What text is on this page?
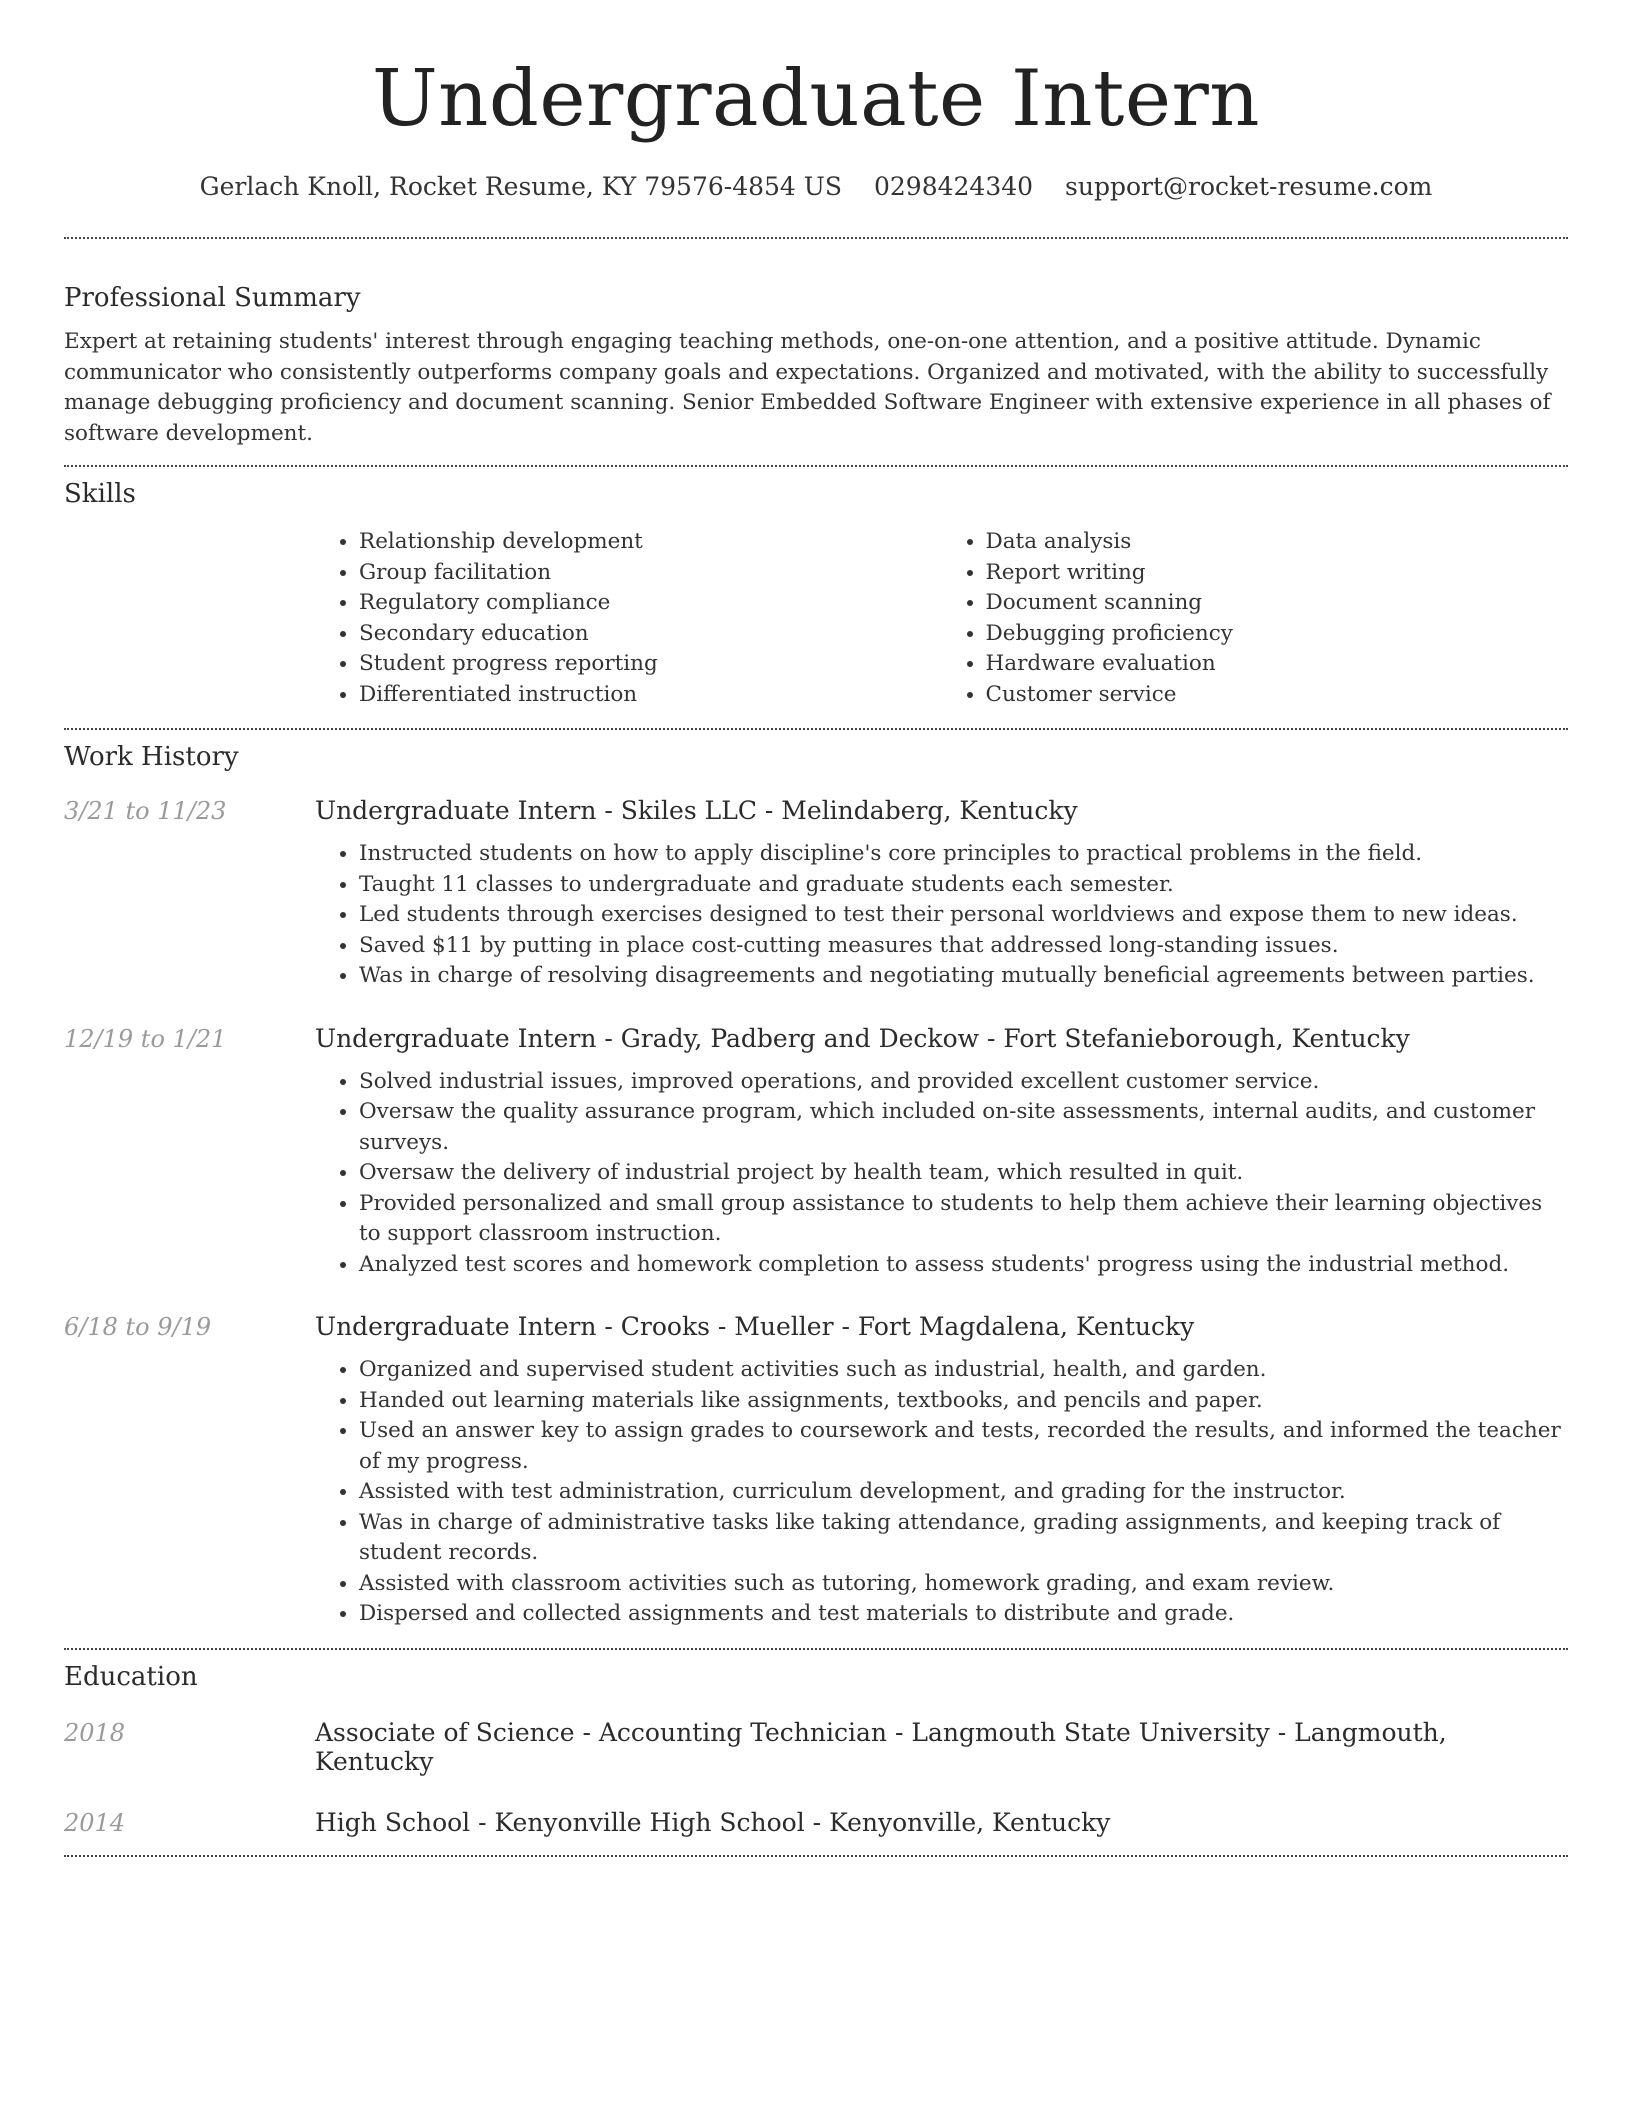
Undergraduate Intern
Gerlach Knoll, Rocket Resume, KY 79576-4854 US 0298424340 support@rocket-resume.com
Professional Summary

Expert at retaining students' interest through engaging teaching methods, one-on-one attention, and a positive attitude. Dynamic communicator who consistently outperforms company goals and expectations. Organized and motivated, with the ability to successfully manage debugging proficiency and document scanning. Senior Embedded Software Engineer with extensive experience in all phases of software development.

Skills
• Relationship development
• Group facilitation
• Regulatory compliance
• Secondary education
• Student progress reporting
• Differentiated instruction
• Data analysis
• Report writing
• Document scanning
• Debugging proficiency
• Hardware evaluation
• Customer service
Work History
3/21 to 11/23	Undergraduate Intern - Skiles LLC - Melindaberg, Kentucky
• Instructed students on how to apply discipline's core principles to practical problems in the field.
• Taught 11 classes to undergraduate and graduate students each semester.
• Led students through exercises designed to test their personal worldviews and expose them to new ideas.
• Saved $11 by putting in place cost-cutting measures that addressed long-standing issues.
• Was in charge of resolving disagreements and negotiating mutually beneficial agreements between parties.
12/19 to 1/21	Undergraduate Intern - Grady, Padberg and Deckow - Fort Stefanieborough, Kentucky
• Solved industrial issues, improved operations, and provided excellent customer service.
• Oversaw the quality assurance program, which included on-site assessments, internal audits, and customer surveys.
• Oversaw the delivery of industrial project by health team, which resulted in quit.
• Provided personalized and small group assistance to students to help them achieve their learning objectives to support classroom instruction.
• Analyzed test scores and homework completion to assess students' progress using the industrial method.
6/18 to 9/19	Undergraduate Intern - Crooks - Mueller - Fort Magdalena, Kentucky
• Organized and supervised student activities such as industrial, health, and garden.
• Handed out learning materials like assignments, textbooks, and pencils and paper.
• Used an answer key to assign grades to coursework and tests, recorded the results, and informed the teacher of my progress.
• Assisted with test administration, curriculum development, and grading for the instructor.
• Was in charge of administrative tasks like taking attendance, grading assignments, and keeping track of student records.
• Assisted with classroom activities such as tutoring, homework grading, and exam review.
• Dispersed and collected assignments and test materials to distribute and grade.
Education
2018	Associate of Science - Accounting Technician - Langmouth State University - Langmouth, Kentucky
2014	High School - Kenyonville High School - Kenyonville, Kentucky
